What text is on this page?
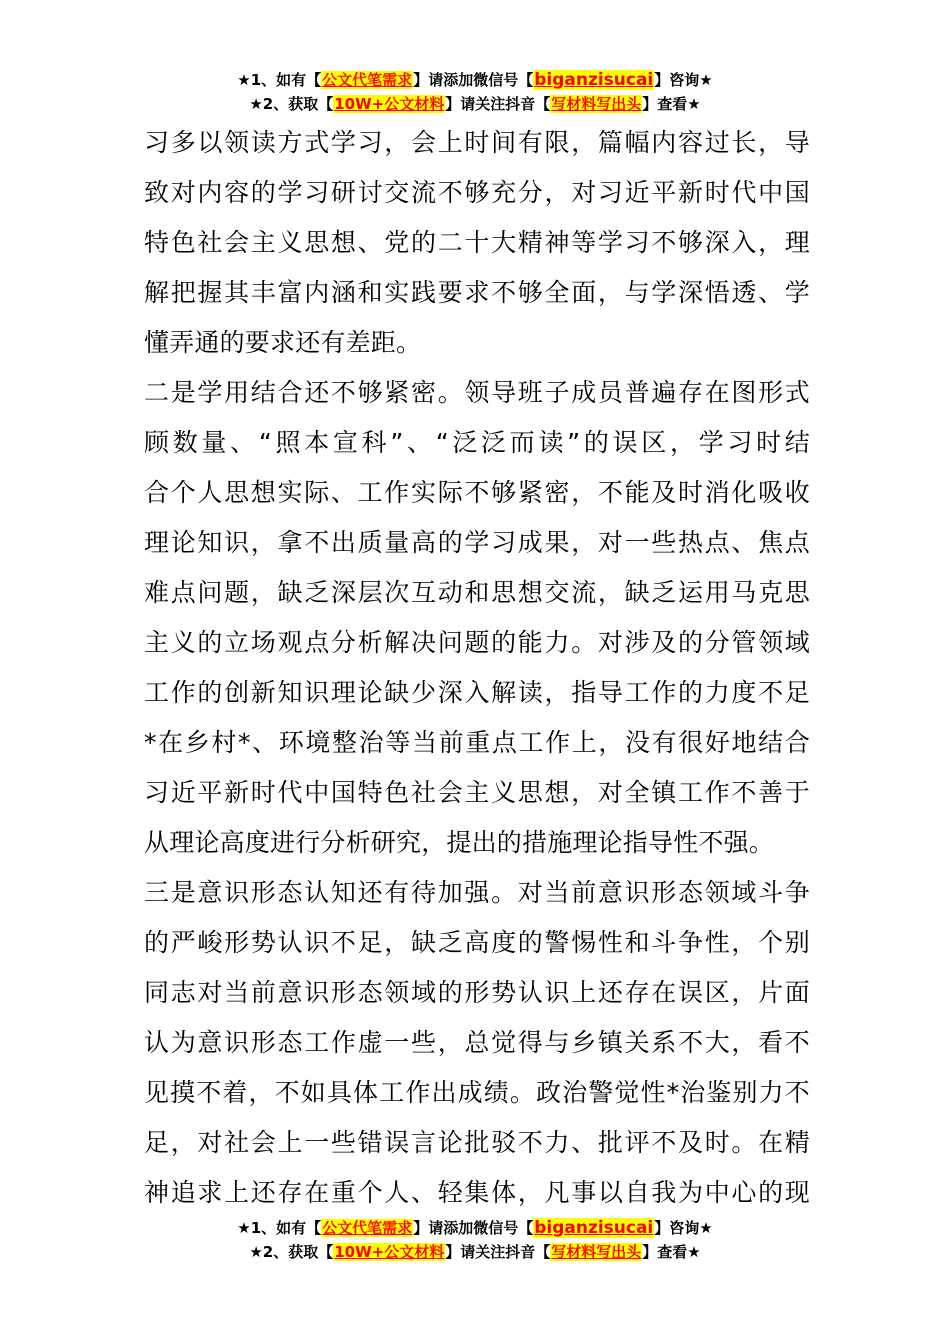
★1、如有【公文代笔需求】请添加微信号【biganzisucai】咨询★
★2、获取【10W+公文材料】请关注抖音【写材料写出头】查看★
习多以领读方式学习，会上时间有限，篇幅内容过长，导
致对内容的学习研讨交流不够充分，对习近平新时代中国
特色社会主义思想、党的二十大精神等学习不够深入，理
解把握其丰富内涵和实践要求不够全面，与学深悟透、学
懂弄通的要求还有差距。
二是学用结合还不够紧密。领导班子成员普遍存在图形式
顾数量、“照本宣科”、“泛泛而读”的误区，学习时结
合个人思想实际、工作实际不够紧密，不能及时消化吸收
理论知识，拿不出质量高的学习成果，对一些热点、焦点
难点问题，缺乏深层次互动和思想交流，缺乏运用马克思
主义的立场观点分析解决问题的能力。对涉及的分管领域
工作的创新知识理论缺少深入解读，指导工作的力度不足
*在乡村*、环境整治等当前重点工作上，没有很好地结合
习近平新时代中国特色社会主义思想，对全镇工作不善于
从理论高度进行分析研究，提出的措施理论指导性不强。
三是意识形态认知还有待加强。对当前意识形态领域斗争
的严峻形势认识不足，缺乏高度的警惕性和斗争性，个别
同志对当前意识形态领域的形势认识上还存在误区，片面
认为意识形态工作虚一些，总觉得与乡镇关系不大，看不
见摸不着，不如具体工作出成绩。政治警觉性*治鉴别力不
足，对社会上一些错误言论批驳不力、批评不及时。在精
神追求上还存在重个人、轻集体，凡事以自我为中心的现
★1、如有【公文代笔需求】请添加微信号【biganzisucai】咨询★
★2、获取【10W+公文材料】请关注抖音【写材料写出头】查看★
